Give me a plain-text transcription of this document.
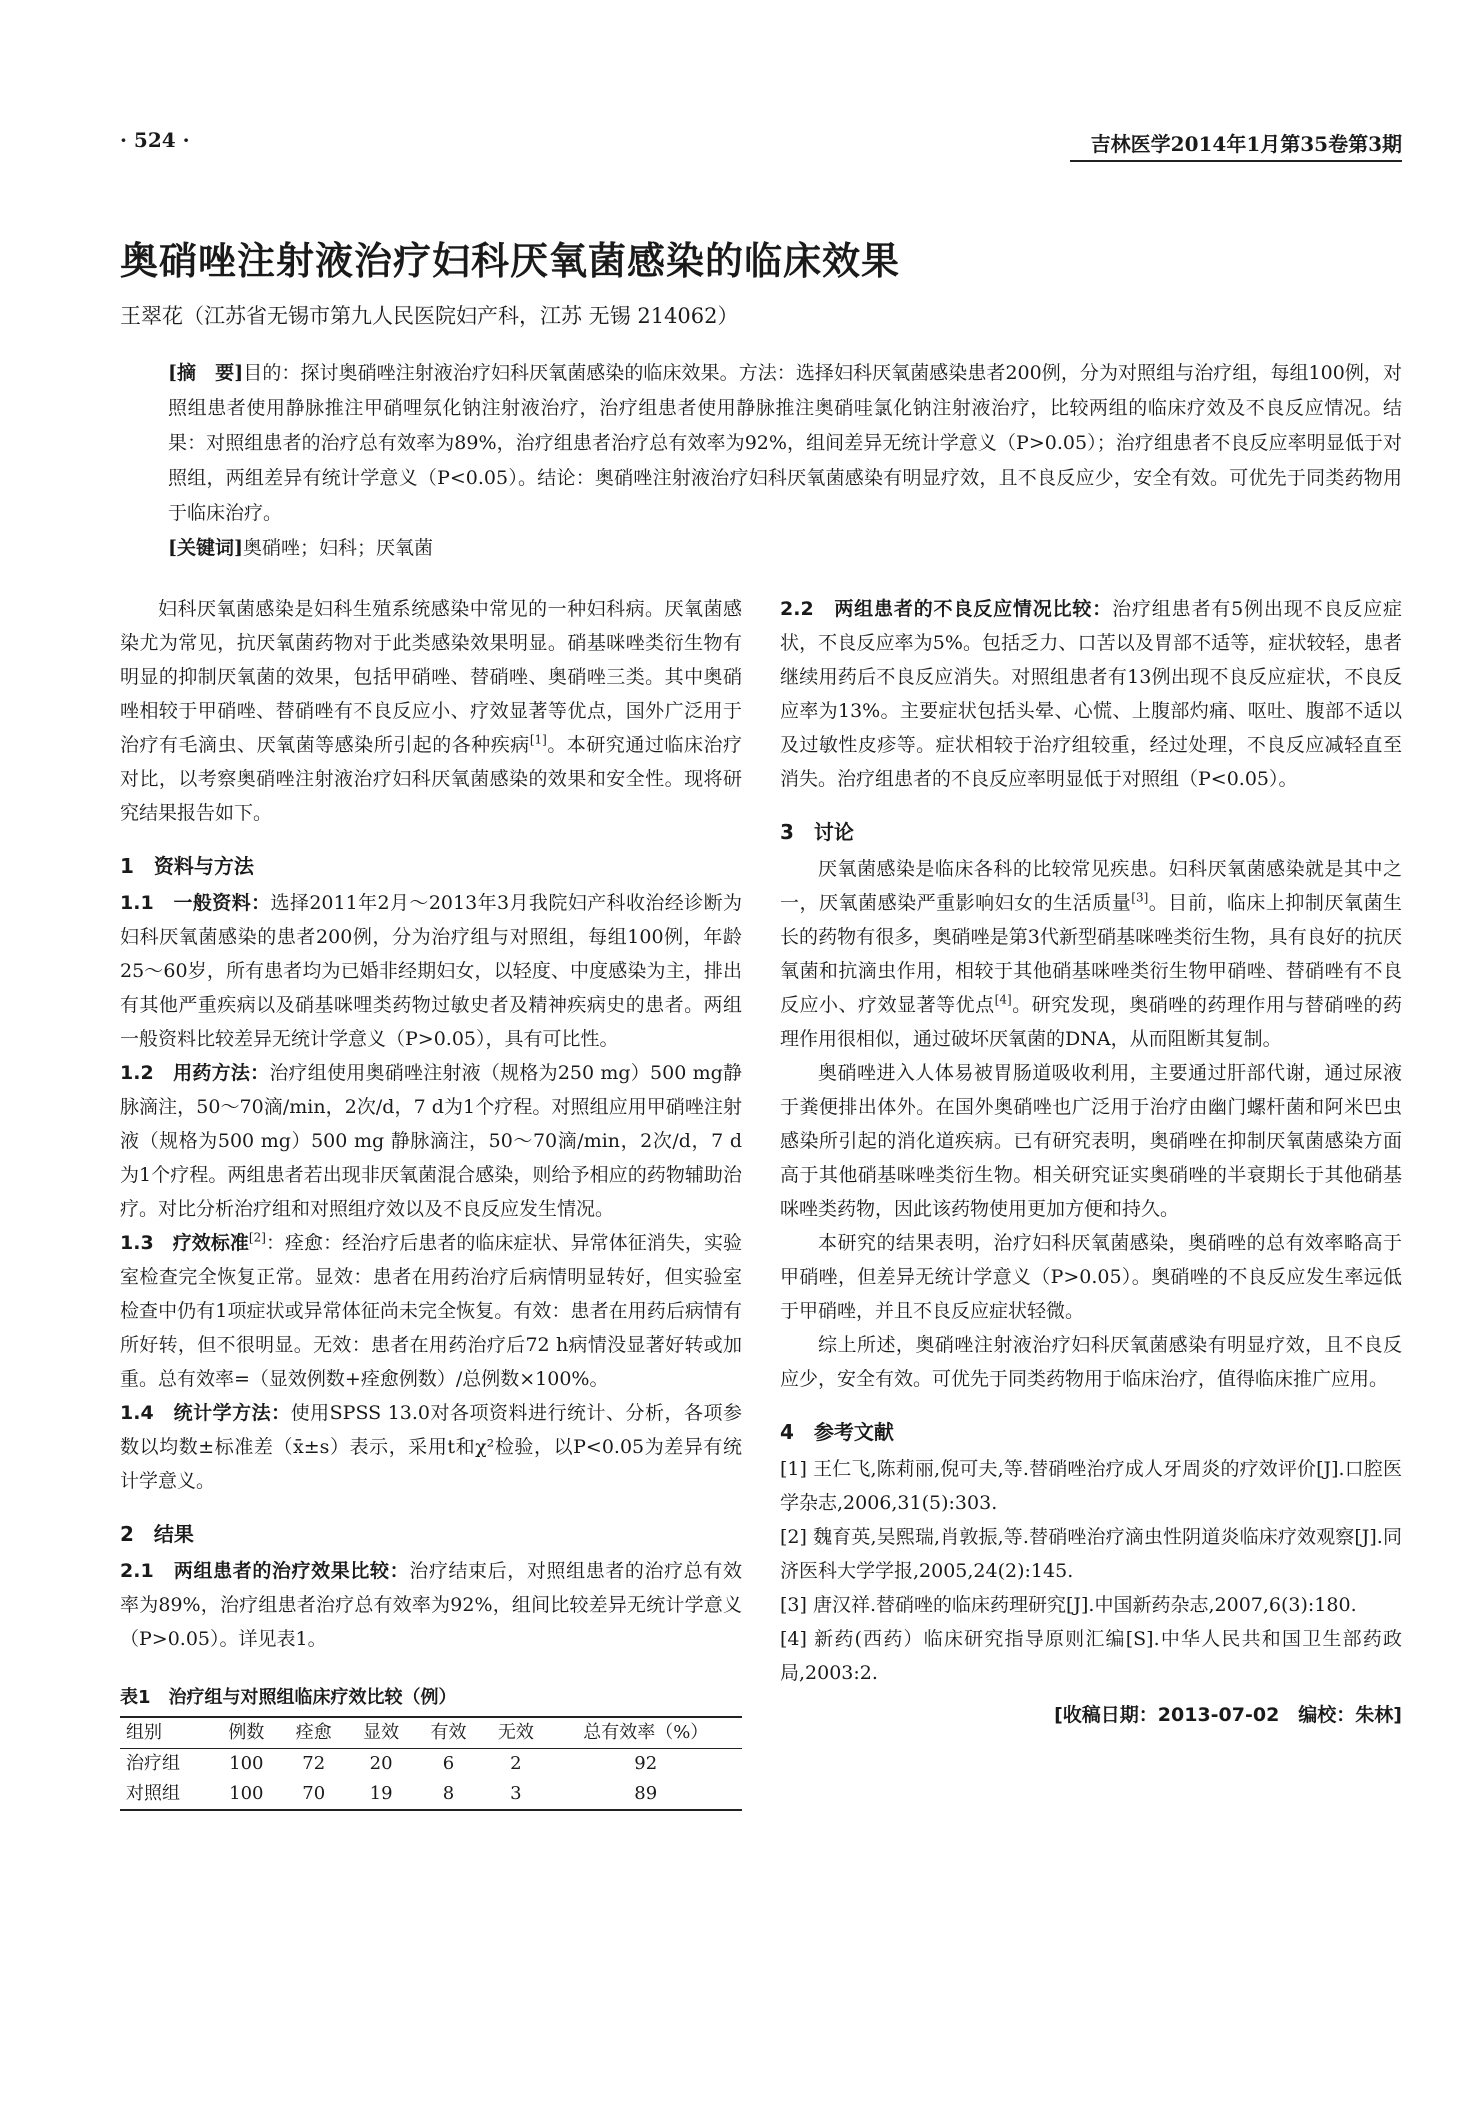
· 524 ·	吉林医学2014年1月第35卷第3期
奥硝唑注射液治疗妇科厌氧菌感染的临床效果
王翠花（江苏省无锡市第九人民医院妇产科，江苏 无锡 214062）
[摘　要]目的：探讨奥硝唑注射液治疗妇科厌氧菌感染的临床效果。方法：选择妇科厌氧菌感染患者200例，分为对照组与治疗组，每组100例，对照组患者使用静脉推注甲硝哩氛化钠注射液治疗，治疗组患者使用静脉推注奥硝哇氯化钠注射液治疗，比较两组的临床疗效及不良反应情况。结果：对照组患者的治疗总有效率为89%，治疗组患者治疗总有效率为92%，组间差异无统计学意义（P>0.05）；治疗组患者不良反应率明显低于对照组，两组差异有统计学意义（P<0.05）。结论：奥硝唑注射液治疗妇科厌氧菌感染有明显疗效，且不良反应少，安全有效。可优先于同类药物用于临床治疗。
[关键词]奥硝唑；妇科；厌氧菌

妇科厌氧菌感染是妇科生殖系统感染中常见的一种妇科病。厌氧菌感染尤为常见，抗厌氧菌药物对于此类感染效果明显。硝基咪唑类衍生物有明显的抑制厌氧菌的效果，包括甲硝唑、替硝唑、奥硝唑三类。其中奥硝唑相较于甲硝唑、替硝唑有不良反应小、疗效显著等优点，国外广泛用于治疗有毛滴虫、厌氧菌等感染所引起的各种疾病[1]。本研究通过临床治疗对比，以考察奥硝唑注射液治疗妇科厌氧菌感染的效果和安全性。现将研究结果报告如下。

1　资料与方法

1.1　一般资料：选择2011年2月～2013年3月我院妇产科收治经诊断为妇科厌氧菌感染的患者200例，分为治疗组与对照组，每组100例，年龄25～60岁，所有患者均为已婚非经期妇女，以轻度、中度感染为主，排出有其他严重疾病以及硝基咪哩类药物过敏史者及精神疾病史的患者。两组一般资料比较差异无统计学意义（P>0.05），具有可比性。

1.2　用药方法：治疗组使用奥硝唑注射液（规格为250 mg）500 mg静脉滴注，50～70滴/min，2次/d，7 d为1个疗程。对照组应用甲硝唑注射液（规格为500 mg）500 mg 静脉滴注，50～70滴/min，2次/d，7 d为1个疗程。两组患者若出现非厌氧菌混合感染，则给予相应的药物辅助治疗。对比分析治疗组和对照组疗效以及不良反应发生情况。

1.3　疗效标准[2]：痊愈：经治疗后患者的临床症状、异常体征消失，实验室检查完全恢复正常。显效：患者在用药治疗后病情明显转好，但实验室检查中仍有1项症状或异常体征尚未完全恢复。有效：患者在用药后病情有所好转，但不很明显。无效：患者在用药治疗后72 h病情没显著好转或加重。总有效率=（显效例数+痊愈例数）/总例数×100%。

1.4　统计学方法：使用SPSS 13.0对各项资料进行统计、分析，各项参数以均数±标准差（x̄±s）表示，采用t和χ²检验，以P<0.05为差异有统计学意义。

2　结果

2.1　两组患者的治疗效果比较：治疗结束后，对照组患者的治疗总有效率为89%，治疗组患者治疗总有效率为92%，组间比较差异无统计学意义（P>0.05）。详见表1。

表1　治疗组与对照组临床疗效比较（例）
组别	例数	痊愈	显效	有效	无效	总有效率（%）
治疗组	100	72	20	6	2	92
对照组	100	70	19	8	3	89

2.2　两组患者的不良反应情况比较：治疗组患者有5例出现不良反应症状，不良反应率为5%。包括乏力、口苦以及胃部不适等，症状较轻，患者继续用药后不良反应消失。对照组患者有13例出现不良反应症状，不良反应率为13%。主要症状包括头晕、心慌、上腹部灼痛、呕吐、腹部不适以及过敏性皮疹等。症状相较于治疗组较重，经过处理，不良反应减轻直至消失。治疗组患者的不良反应率明显低于对照组（P<0.05）。

3　讨论

厌氧菌感染是临床各科的比较常见疾患。妇科厌氧菌感染就是其中之一，厌氧菌感染严重影响妇女的生活质量[3]。目前，临床上抑制厌氧菌生长的药物有很多，奥硝唑是第3代新型硝基咪唑类衍生物，具有良好的抗厌氧菌和抗滴虫作用，相较于其他硝基咪唑类衍生物甲硝唑、替硝唑有不良反应小、疗效显著等优点[4]。研究发现，奥硝唑的药理作用与替硝唑的药理作用很相似，通过破坏厌氧菌的DNA，从而阻断其复制。

奥硝唑进入人体易被胃肠道吸收利用，主要通过肝部代谢，通过尿液于粪便排出体外。在国外奥硝唑也广泛用于治疗由幽门螺杆菌和阿米巴虫感染所引起的消化道疾病。已有研究表明，奥硝唑在抑制厌氧菌感染方面高于其他硝基咪唑类衍生物。相关研究证实奥硝唑的半衰期长于其他硝基咪唑类药物，因此该药物使用更加方便和持久。

本研究的结果表明，治疗妇科厌氧菌感染，奥硝唑的总有效率略高于甲硝唑，但差异无统计学意义（P>0.05）。奥硝唑的不良反应发生率远低于甲硝唑，并且不良反应症状轻微。

综上所述，奥硝唑注射液治疗妇科厌氧菌感染有明显疗效，且不良反应少，安全有效。可优先于同类药物用于临床治疗，值得临床推广应用。

4　参考文献

[1] 王仁飞,陈莉丽,倪可夫,等.替硝唑治疗成人牙周炎的疗效评价[J].口腔医学杂志,2006,31(5):303.

[2] 魏育英,吴熙瑞,肖敦振,等.替硝唑治疗滴虫性阴道炎临床疗效观察[J].同济医科大学学报,2005,24(2):145.

[3] 唐汉祥.替硝唑的临床药理研究[J].中国新药杂志,2007,6(3):180.

[4] 新药(西药）临床研究指导原则汇编[S].中华人民共和国卫生部药政局,2003:2.

[收稿日期：2013-07-02　编校：朱林]
